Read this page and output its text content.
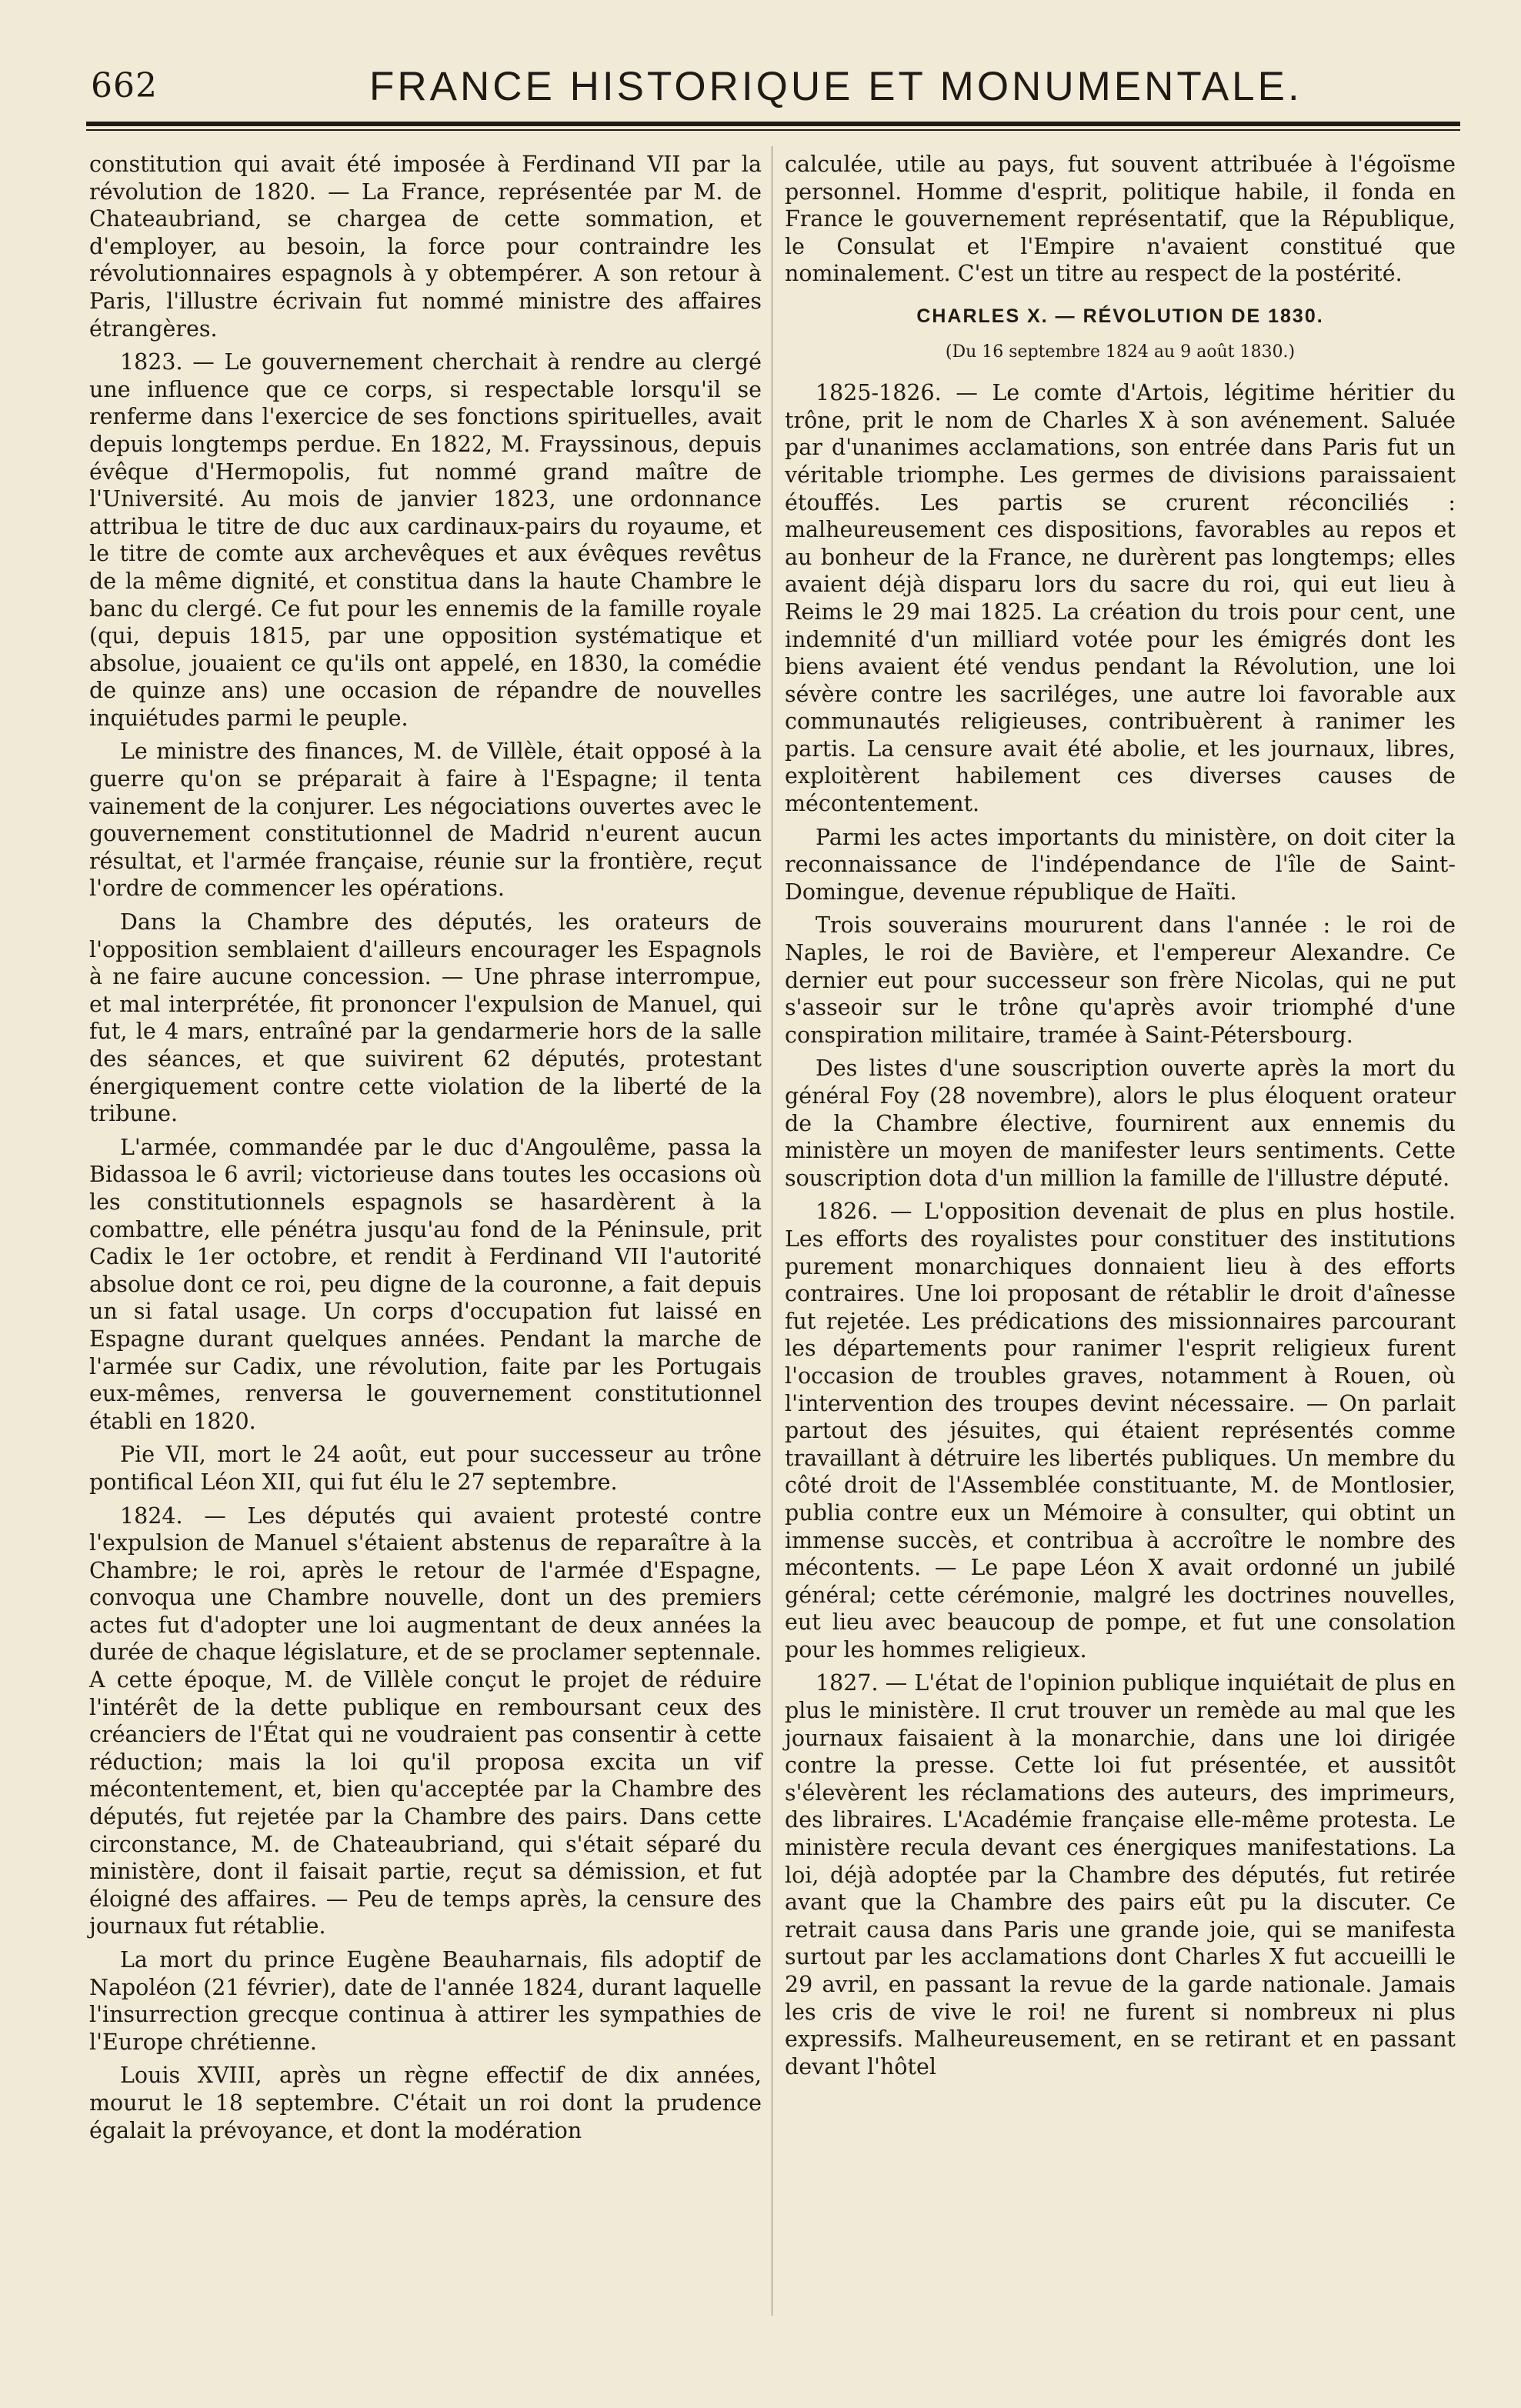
662	FRANCE HISTORIQUE ET MONUMENTALE.

constitution qui avait été imposée à Ferdinand VII par la révolution de 1820. — La France, représentée par M. de Chateaubriand, se chargea de cette sommation, et d'employer, au besoin, la force pour contraindre les révolutionnaires espagnols à y obtempérer. A son retour à Paris, l'illustre écrivain fut nommé ministre des affaires étrangères.

1823. — Le gouvernement cherchait à rendre au clergé une influence que ce corps, si respectable lorsqu'il se renferme dans l'exercice de ses fonctions spirituelles, avait depuis longtemps perdue. En 1822, M. Frayssinous, depuis évêque d'Hermopolis, fut nommé grand maître de l'Université. Au mois de janvier 1823, une ordonnance attribua le titre de duc aux cardinaux-pairs du royaume, et le titre de comte aux archevêques et aux évêques revêtus de la même dignité, et constitua dans la haute Chambre le banc du clergé. Ce fut pour les ennemis de la famille royale (qui, depuis 1815, par une opposition systématique et absolue, jouaient ce qu'ils ont appelé, en 1830, la comédie de quinze ans) une occasion de répandre de nouvelles inquiétudes parmi le peuple.

Le ministre des finances, M. de Villèle, était opposé à la guerre qu'on se préparait à faire à l'Espagne; il tenta vainement de la conjurer. Les négociations ouvertes avec le gouvernement constitutionnel de Madrid n'eurent aucun résultat, et l'armée française, réunie sur la frontière, reçut l'ordre de commencer les opérations.

Dans la Chambre des députés, les orateurs de l'opposition semblaient d'ailleurs encourager les Espagnols à ne faire aucune concession. — Une phrase interrompue, et mal interprétée, fit prononcer l'expulsion de Manuel, qui fut, le 4 mars, entraîné par la gendarmerie hors de la salle des séances, et que suivirent 62 députés, protestant énergiquement contre cette violation de la liberté de la tribune.

L'armée, commandée par le duc d'Angoulême, passa la Bidassoa le 6 avril; victorieuse dans toutes les occasions où les constitutionnels espagnols se hasardèrent à la combattre, elle pénétra jusqu'au fond de la Péninsule, prit Cadix le 1er octobre, et rendit à Ferdinand VII l'autorité absolue dont ce roi, peu digne de la couronne, a fait depuis un si fatal usage. Un corps d'occupation fut laissé en Espagne durant quelques années. Pendant la marche de l'armée sur Cadix, une révolution, faite par les Portugais eux-mêmes, renversa le gouvernement constitutionnel établi en 1820.

Pie VII, mort le 24 août, eut pour successeur au trône pontifical Léon XII, qui fut élu le 27 septembre.

1824. — Les députés qui avaient protesté contre l'expulsion de Manuel s'étaient abstenus de reparaître à la Chambre; le roi, après le retour de l'armée d'Espagne, convoqua une Chambre nouvelle, dont un des premiers actes fut d'adopter une loi augmentant de deux années la durée de chaque législature, et de se proclamer septennale. A cette époque, M. de Villèle conçut le projet de réduire l'intérêt de la dette publique en remboursant ceux des créanciers de l'État qui ne voudraient pas consentir à cette réduction; mais la loi qu'il proposa excita un vif mécontentement, et, bien qu'acceptée par la Chambre des députés, fut rejetée par la Chambre des pairs. Dans cette circonstance, M. de Chateaubriand, qui s'était séparé du ministère, dont il faisait partie, reçut sa démission, et fut éloigné des affaires. — Peu de temps après, la censure des journaux fut rétablie.

La mort du prince Eugène Beauharnais, fils adoptif de Napoléon (21 février), date de l'année 1824, durant laquelle l'insurrection grecque continua à attirer les sympathies de l'Europe chrétienne.

Louis XVIII, après un règne effectif de dix années, mourut le 18 septembre. C'était un roi dont la prudence égalait la prévoyance, et dont la modération

calculée, utile au pays, fut souvent attribuée à l'égoïsme personnel. Homme d'esprit, politique habile, il fonda en France le gouvernement représentatif, que la République, le Consulat et l'Empire n'avaient constitué que nominalement. C'est un titre au respect de la postérité.

CHARLES X. — RÉVOLUTION DE 1830.
(Du 16 septembre 1824 au 9 août 1830.)

1825-1826. — Le comte d'Artois, légitime héritier du trône, prit le nom de Charles X à son avénement. Saluée par d'unanimes acclamations, son entrée dans Paris fut un véritable triomphe. Les germes de divisions paraissaient étouffés. Les partis se crurent réconciliés : malheureusement ces dispositions, favorables au repos et au bonheur de la France, ne durèrent pas longtemps; elles avaient déjà disparu lors du sacre du roi, qui eut lieu à Reims le 29 mai 1825. La création du trois pour cent, une indemnité d'un milliard votée pour les émigrés dont les biens avaient été vendus pendant la Révolution, une loi sévère contre les sacriléges, une autre loi favorable aux communautés religieuses, contribuèrent à ranimer les partis. La censure avait été abolie, et les journaux, libres, exploitèrent habilement ces diverses causes de mécontentement.

Parmi les actes importants du ministère, on doit citer la reconnaissance de l'indépendance de l'île de Saint-Domingue, devenue république de Haïti.

Trois souverains moururent dans l'année : le roi de Naples, le roi de Bavière, et l'empereur Alexandre. Ce dernier eut pour successeur son frère Nicolas, qui ne put s'asseoir sur le trône qu'après avoir triomphé d'une conspiration militaire, tramée à Saint-Pétersbourg.

Des listes d'une souscription ouverte après la mort du général Foy (28 novembre), alors le plus éloquent orateur de la Chambre élective, fournirent aux ennemis du ministère un moyen de manifester leurs sentiments. Cette souscription dota d'un million la famille de l'illustre député.

1826. — L'opposition devenait de plus en plus hostile. Les efforts des royalistes pour constituer des institutions purement monarchiques donnaient lieu à des efforts contraires. Une loi proposant de rétablir le droit d'aînesse fut rejetée. Les prédications des missionnaires parcourant les départements pour ranimer l'esprit religieux furent l'occasion de troubles graves, notamment à Rouen, où l'intervention des troupes devint nécessaire. — On parlait partout des jésuites, qui étaient représentés comme travaillant à détruire les libertés publiques. Un membre du côté droit de l'Assemblée constituante, M. de Montlosier, publia contre eux un Mémoire à consulter, qui obtint un immense succès, et contribua à accroître le nombre des mécontents. — Le pape Léon X avait ordonné un jubilé général; cette cérémonie, malgré les doctrines nouvelles, eut lieu avec beaucoup de pompe, et fut une consolation pour les hommes religieux.

1827. — L'état de l'opinion publique inquiétait de plus en plus le ministère. Il crut trouver un remède au mal que les journaux faisaient à la monarchie, dans une loi dirigée contre la presse. Cette loi fut présentée, et aussitôt s'élevèrent les réclamations des auteurs, des imprimeurs, des libraires. L'Académie française elle-même protesta. Le ministère recula devant ces énergiques manifestations. La loi, déjà adoptée par la Chambre des députés, fut retirée avant que la Chambre des pairs eût pu la discuter. Ce retrait causa dans Paris une grande joie, qui se manifesta surtout par les acclamations dont Charles X fut accueilli le 29 avril, en passant la revue de la garde nationale. Jamais les cris de vive le roi! ne furent si nombreux ni plus expressifs. Malheureusement, en se retirant et en passant devant l'hôtel
